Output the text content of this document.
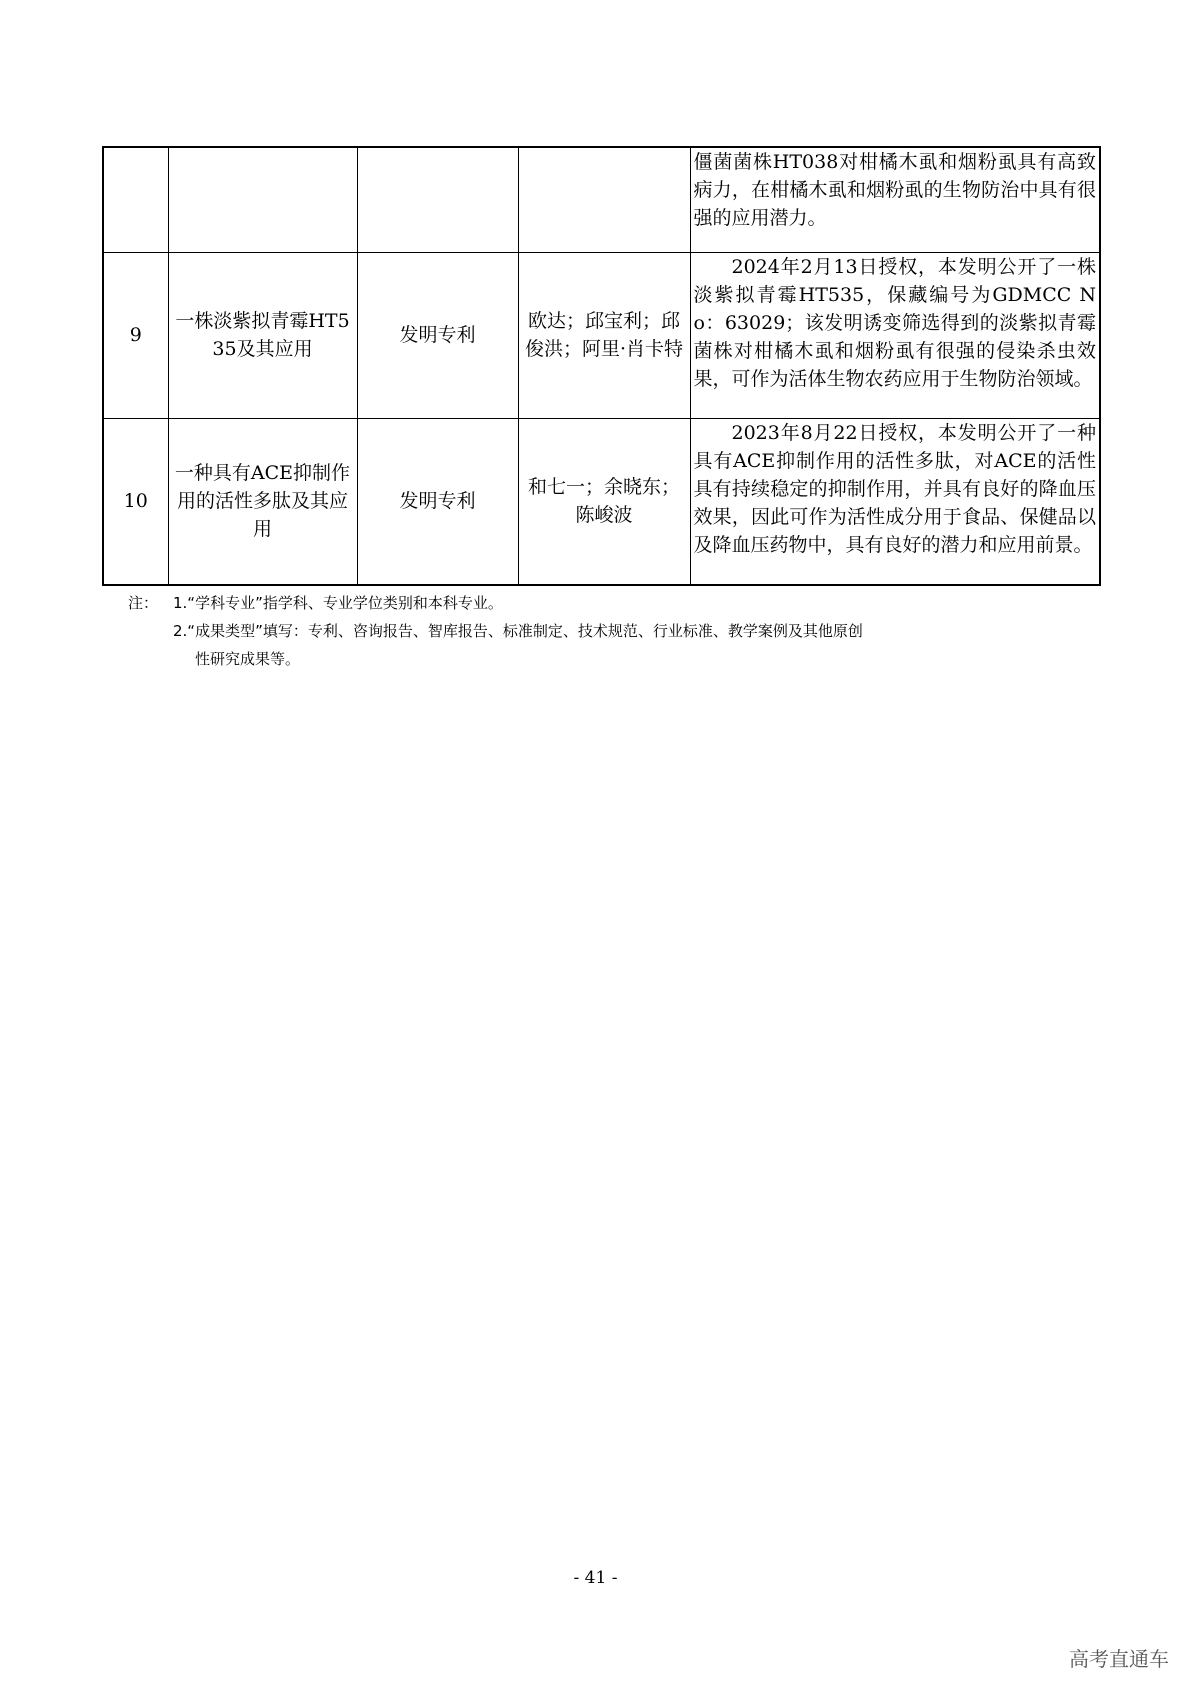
				僵菌菌株HT038对柑橘木虱和烟粉虱具有高致病力，在柑橘木虱和烟粉虱的生物防治中具有很强的应用潜力。
9	一株淡紫拟青霉HT535及其应用	发明专利	欧达；邱宝利；邱俊洪；阿里·肖卡特	2024年2月13日授权，本发明公开了一株淡紫拟青霉HT535，保藏编号为GDMCC No：63029；该发明诱变筛选得到的淡紫拟青霉菌株对柑橘木虱和烟粉虱有很强的侵染杀虫效果，可作为活体生物农药应用于生物防治领域。
10	一种具有ACE抑制作用的活性多肽及其应用	发明专利	和七一；余晓东；陈峻波	2023年8月22日授权，本发明公开了一种具有ACE抑制作用的活性多肽，对ACE的活性具有持续稳定的抑制作用，并具有良好的降血压效果，因此可作为活性成分用于食品、保健品以及降血压药物中，具有良好的潜力和应用前景。
注： 1.“学科专业”指学科、专业学位类别和本科专业。
2.“成果类型”填写：专利、咨询报告、智库报告、标准制定、技术规范、行业标准、教学案例及其他原创
性研究成果等。
- 41 -
高考直通车
